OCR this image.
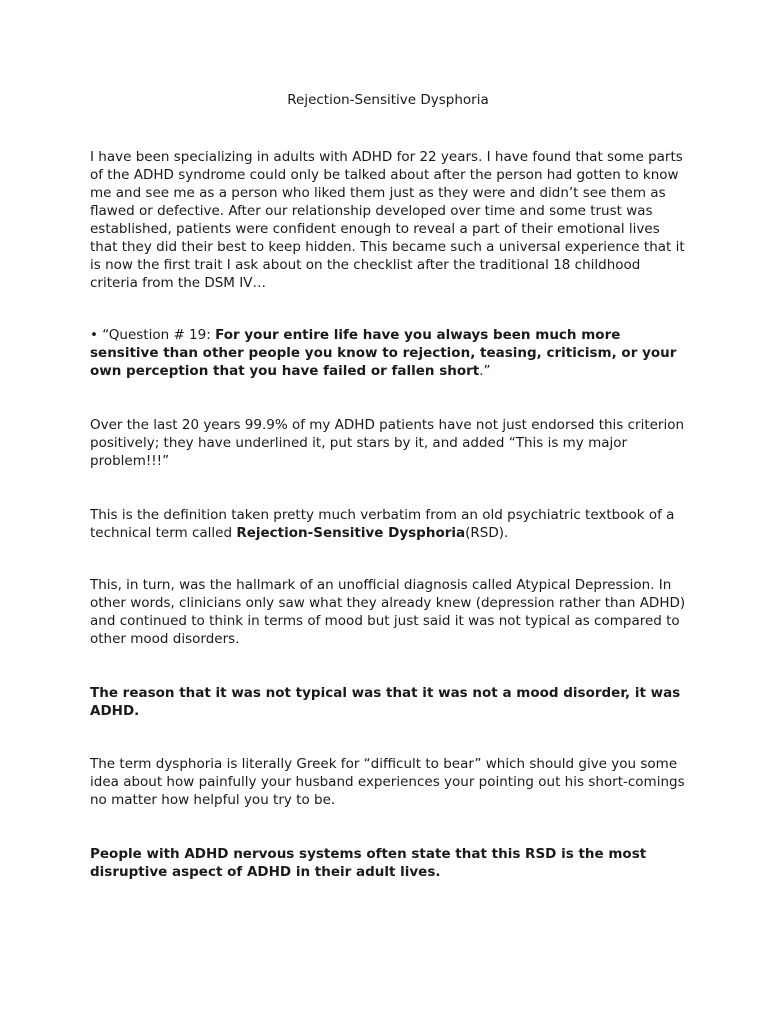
Rejection-Sensitive Dysphoria

I have been specializing in adults with ADHD for 22 years. I have found that some parts of the ADHD syndrome could only be talked about after the person had gotten to know me and see me as a person who liked them just as they were and didn’t see them as flawed or defective. After our relationship developed over time and some trust was established, patients were confident enough to reveal a part of their emotional lives that they did their best to keep hidden. This became such a universal experience that it is now the first trait I ask about on the checklist after the traditional 18 childhood criteria from the DSM IV…

• “Question # 19: For your entire life have you always been much more sensitive than other people you know to rejection, teasing, criticism, or your own perception that you have failed or fallen short.”

Over the last 20 years 99.9% of my ADHD patients have not just endorsed this criterion positively; they have underlined it, put stars by it, and added “This is my major problem!!!”

This is the definition taken pretty much verbatim from an old psychiatric textbook of a technical term called Rejection-Sensitive Dysphoria(RSD).

This, in turn, was the hallmark of an unofficial diagnosis called Atypical Depression. In other words, clinicians only saw what they already knew (depression rather than ADHD) and continued to think in terms of mood but just said it was not typical as compared to other mood disorders.

The reason that it was not typical was that it was not a mood disorder, it was ADHD.

The term dysphoria is literally Greek for “difficult to bear” which should give you some idea about how painfully your husband experiences your pointing out his short-comings no matter how helpful you try to be.

People with ADHD nervous systems often state that this RSD is the most disruptive aspect of ADHD in their adult lives.
